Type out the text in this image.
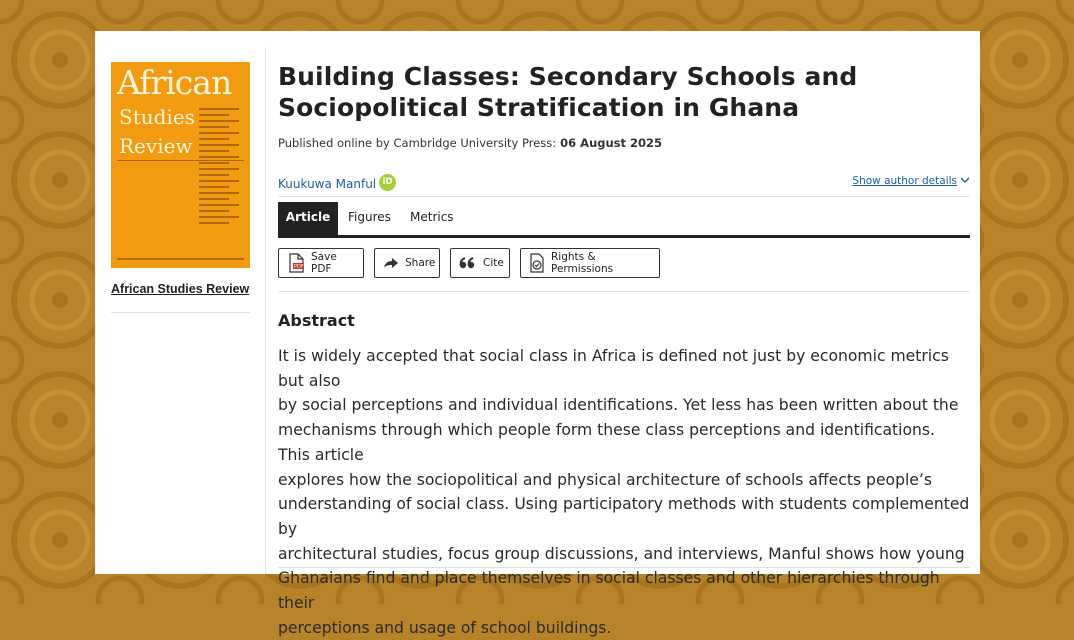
African
Studies
Review
African Studies Review
Building Classes: Secondary Schools and Sociopolitical Stratification in Ghana
Published online by Cambridge University Press: 06 August 2025
Kuukuwa Manful iD	Show author details
Article	Figures Metrics
PDF
Save PDF	Share	Cite	Rights & Permissions
Abstract
It is widely accepted that social class in Africa is defined not just by economic metrics but also
by social perceptions and individual identifications. Yet less has been written about the
mechanisms through which people form these class perceptions and identifications. This article
explores how the sociopolitical and physical architecture of schools affects people’s
understanding of social class. Using participatory methods with students complemented by
architectural studies, focus group discussions, and interviews, Manful shows how young
Ghanaians find and place themselves in social classes and other hierarchies through their
perceptions and usage of school buildings.
